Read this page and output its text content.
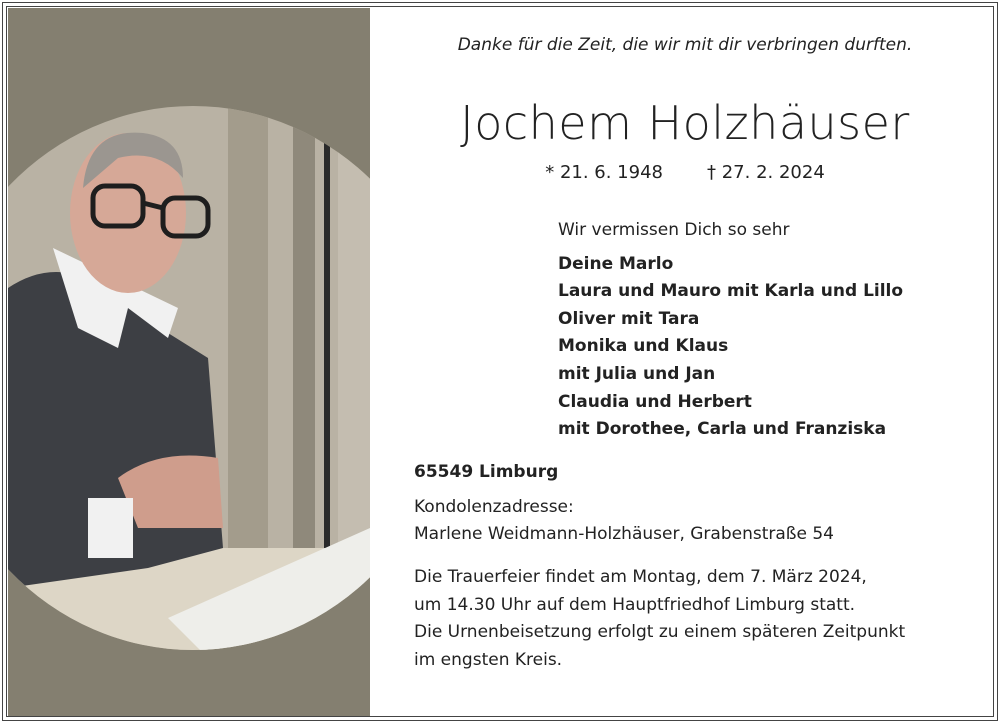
Danke für die Zeit, die wir mit dir verbringen durften.
Jochem Holzhäuser
* 21. 6. 1948 † 27. 2. 2024
Wir vermissen Dich so sehr
Deine Marlo
Laura und Mauro mit Karla und Lillo
Oliver mit Tara
Monika und Klaus
mit Julia und Jan
Claudia und Herbert
mit Dorothee, Carla und Franziska
65549 Limburg
Kondolenzadresse:
Marlene Weidmann-Holzhäuser, Grabenstraße 54
Die Trauerfeier findet am Montag, dem 7. März 2024,
um 14.30 Uhr auf dem Hauptfriedhof Limburg statt.
Die Urnenbeisetzung erfolgt zu einem späteren Zeitpunkt
im engsten Kreis.
